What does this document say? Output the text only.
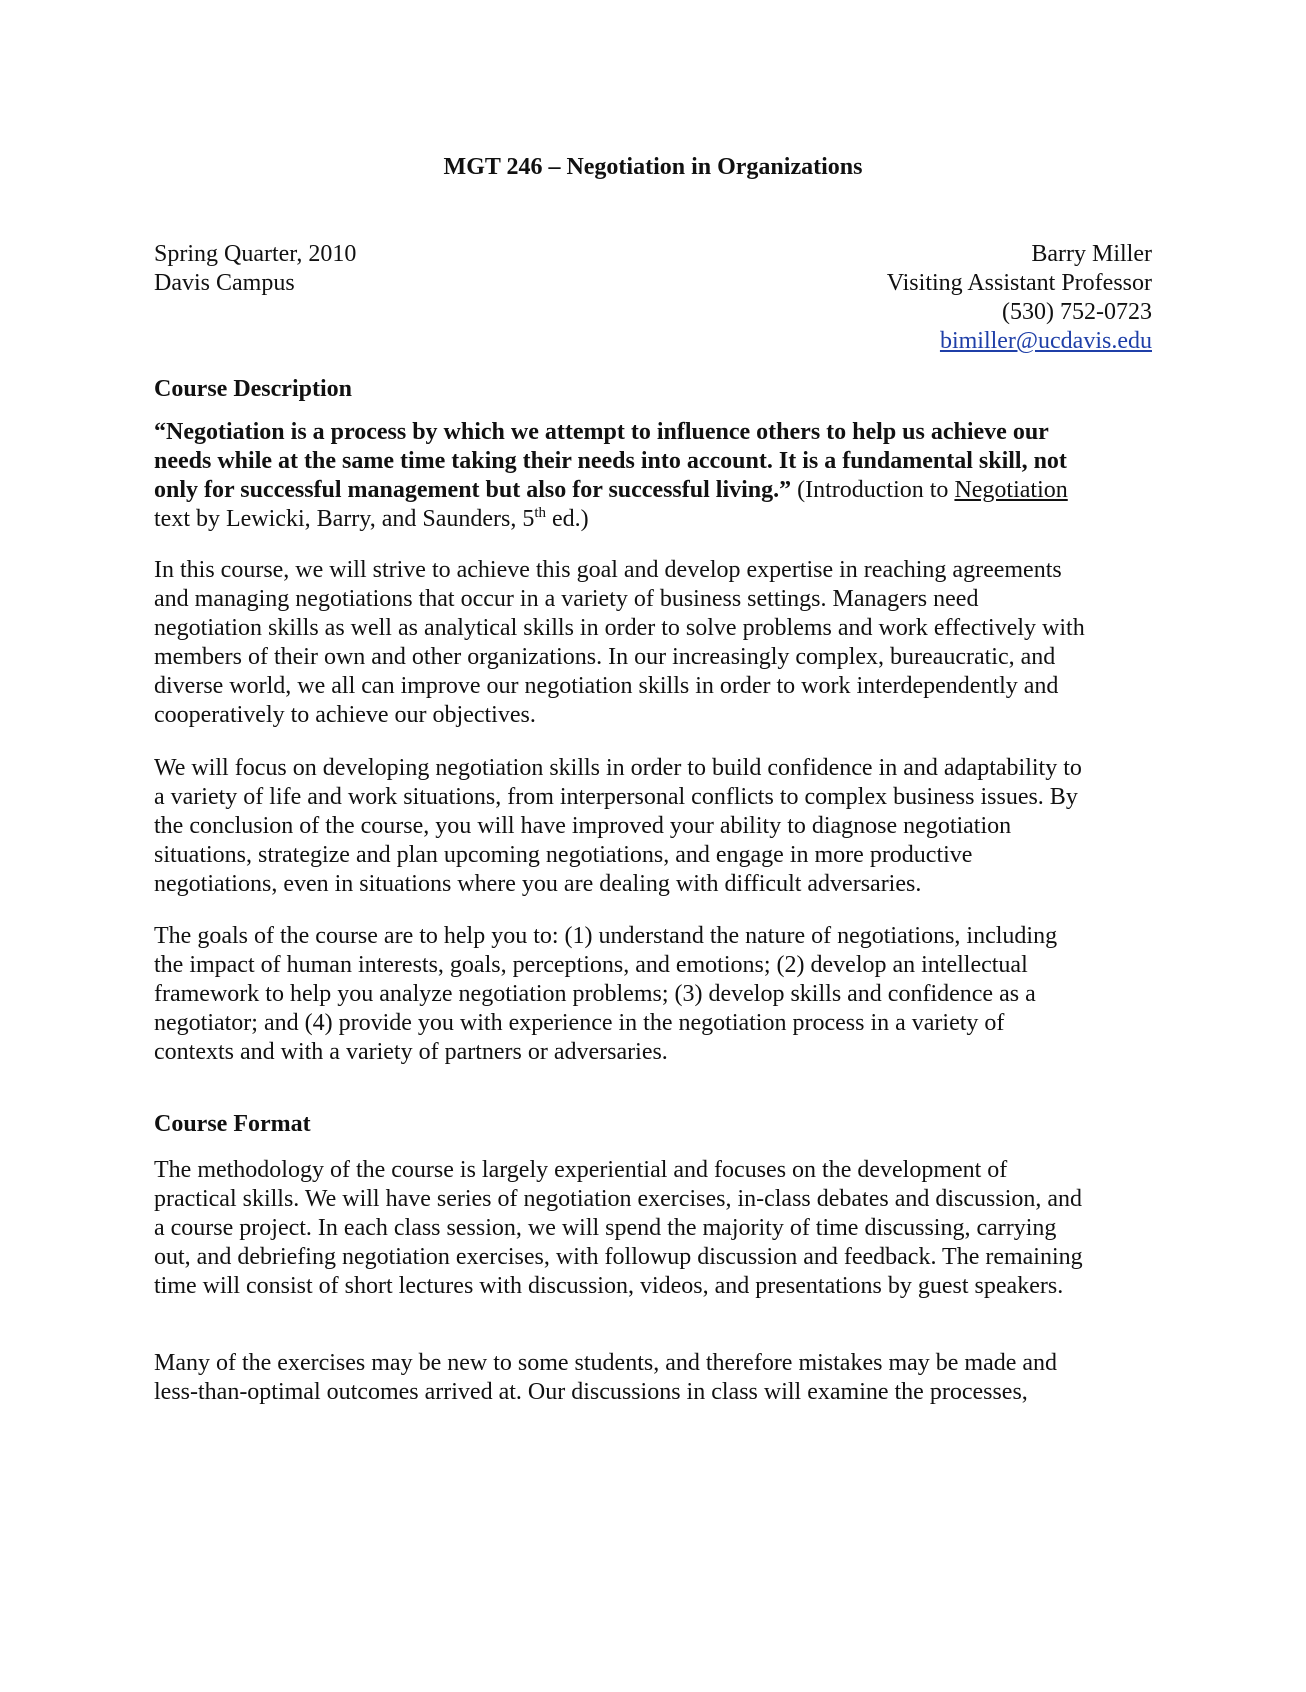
MGT 246 – Negotiation in Organizations
Spring Quarter, 2010
Davis Campus
Barry Miller
Visiting Assistant Professor
(530) 752-0723
bimiller@ucdavis.edu
Course Description
“Negotiation is a process by which we attempt to influence others to help us achieve our
needs while at the same time taking their needs into account. It is a fundamental skill, not
only for successful management but also for successful living.” (Introduction to Negotiation
text by Lewicki, Barry, and Saunders, 5th ed.)
In this course, we will strive to achieve this goal and develop expertise in reaching agreements
and managing negotiations that occur in a variety of business settings. Managers need
negotiation skills as well as analytical skills in order to solve problems and work effectively with
members of their own and other organizations. In our increasingly complex, bureaucratic, and
diverse world, we all can improve our negotiation skills in order to work interdependently and
cooperatively to achieve our objectives.
We will focus on developing negotiation skills in order to build confidence in and adaptability to
a variety of life and work situations, from interpersonal conflicts to complex business issues. By
the conclusion of the course, you will have improved your ability to diagnose negotiation
situations, strategize and plan upcoming negotiations, and engage in more productive
negotiations, even in situations where you are dealing with difficult adversaries.
The goals of the course are to help you to: (1) understand the nature of negotiations, including
the impact of human interests, goals, perceptions, and emotions; (2) develop an intellectual
framework to help you analyze negotiation problems; (3) develop skills and confidence as a
negotiator; and (4) provide you with experience in the negotiation process in a variety of
contexts and with a variety of partners or adversaries.
Course Format
The methodology of the course is largely experiential and focuses on the development of
practical skills. We will have series of negotiation exercises, in-class debates and discussion, and
a course project. In each class session, we will spend the majority of time discussing, carrying
out, and debriefing negotiation exercises, with followup discussion and feedback. The remaining
time will consist of short lectures with discussion, videos, and presentations by guest speakers.
Many of the exercises may be new to some students, and therefore mistakes may be made and
less-than-optimal outcomes arrived at. Our discussions in class will examine the processes,
